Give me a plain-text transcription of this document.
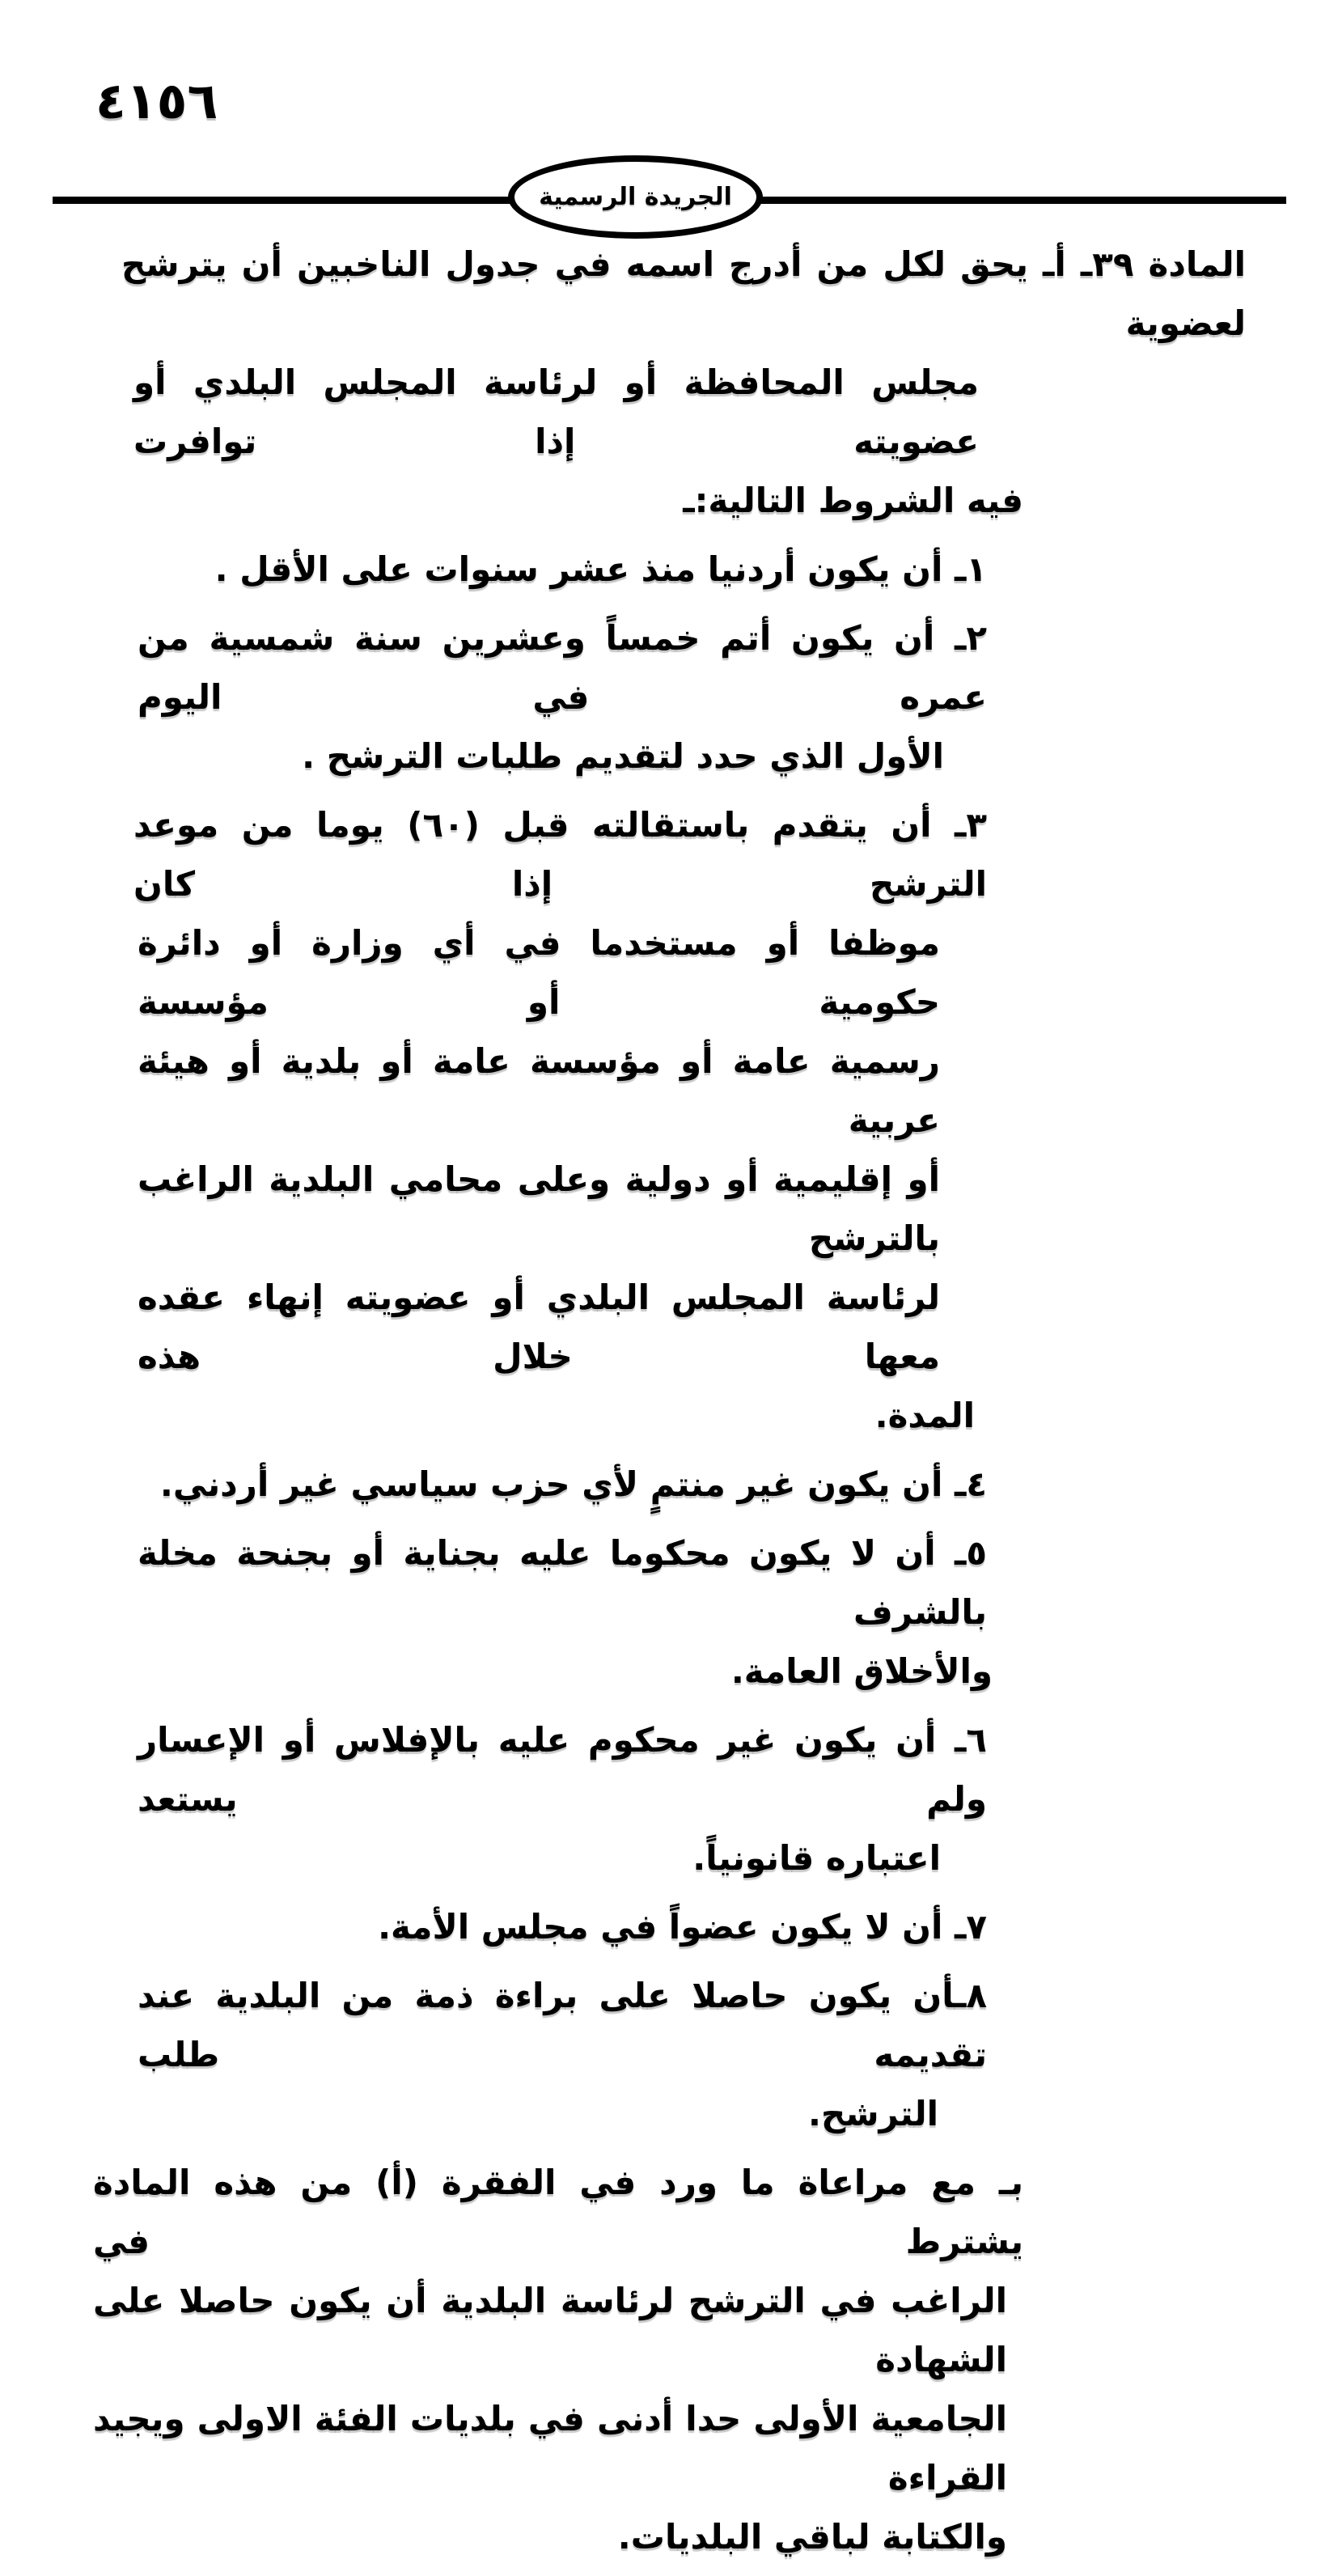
٤١٥٦
الجريدة الرسمية
المادة ٣٩ـ أـ يحق لكل من أدرج اسمه في جدول الناخبين أن يترشح لعضوية
مجلس المحافظة أو لرئاسة المجلس البلدي أو عضويته إذا توافرت
فيه الشروط التالية:ـ
١ـ أن يكون أردنيا منذ عشر سنوات على الأقل .
٢ـ أن يكون أتم خمساً وعشرين سنة شمسية من عمره في اليوم
الأول الذي حدد لتقديم طلبات الترشح .
٣ـ أن يتقدم باستقالته قبل (٦٠) يوما من موعد الترشح إذا كان
موظفا أو مستخدما في أي وزارة أو دائرة حكومية أو مؤسسة
رسمية عامة أو مؤسسة عامة أو بلدية أو هيئة عربية
أو إقليمية أو دولية وعلى محامي البلدية الراغب بالترشح
لرئاسة المجلس البلدي أو عضويته إنهاء عقده معها خلال هذه
المدة.
٤ـ أن يكون غير منتمٍ لأي حزب سياسي غير أردني.
٥ـ أن لا يكون محكوما عليه بجناية أو بجنحة مخلة بالشرف
والأخلاق العامة.
٦ـ أن يكون غير محكوم عليه بالإفلاس أو الإعسار ولم يستعد
اعتباره قانونياً.
٧ـ أن لا يكون عضواً في مجلس الأمة.
٨ـأن يكون حاصلا على براءة ذمة من البلدية عند تقديمه طلب
الترشح.
بـ مع مراعاة ما ورد في الفقرة (أ) من هذه المادة يشترط في
الراغب في الترشح لرئاسة البلدية أن يكون حاصلا على الشهادة
الجامعية الأولى حدا أدنى في بلديات الفئة الاولى ويجيد القراءة
والكتابة لباقي البلديات.
